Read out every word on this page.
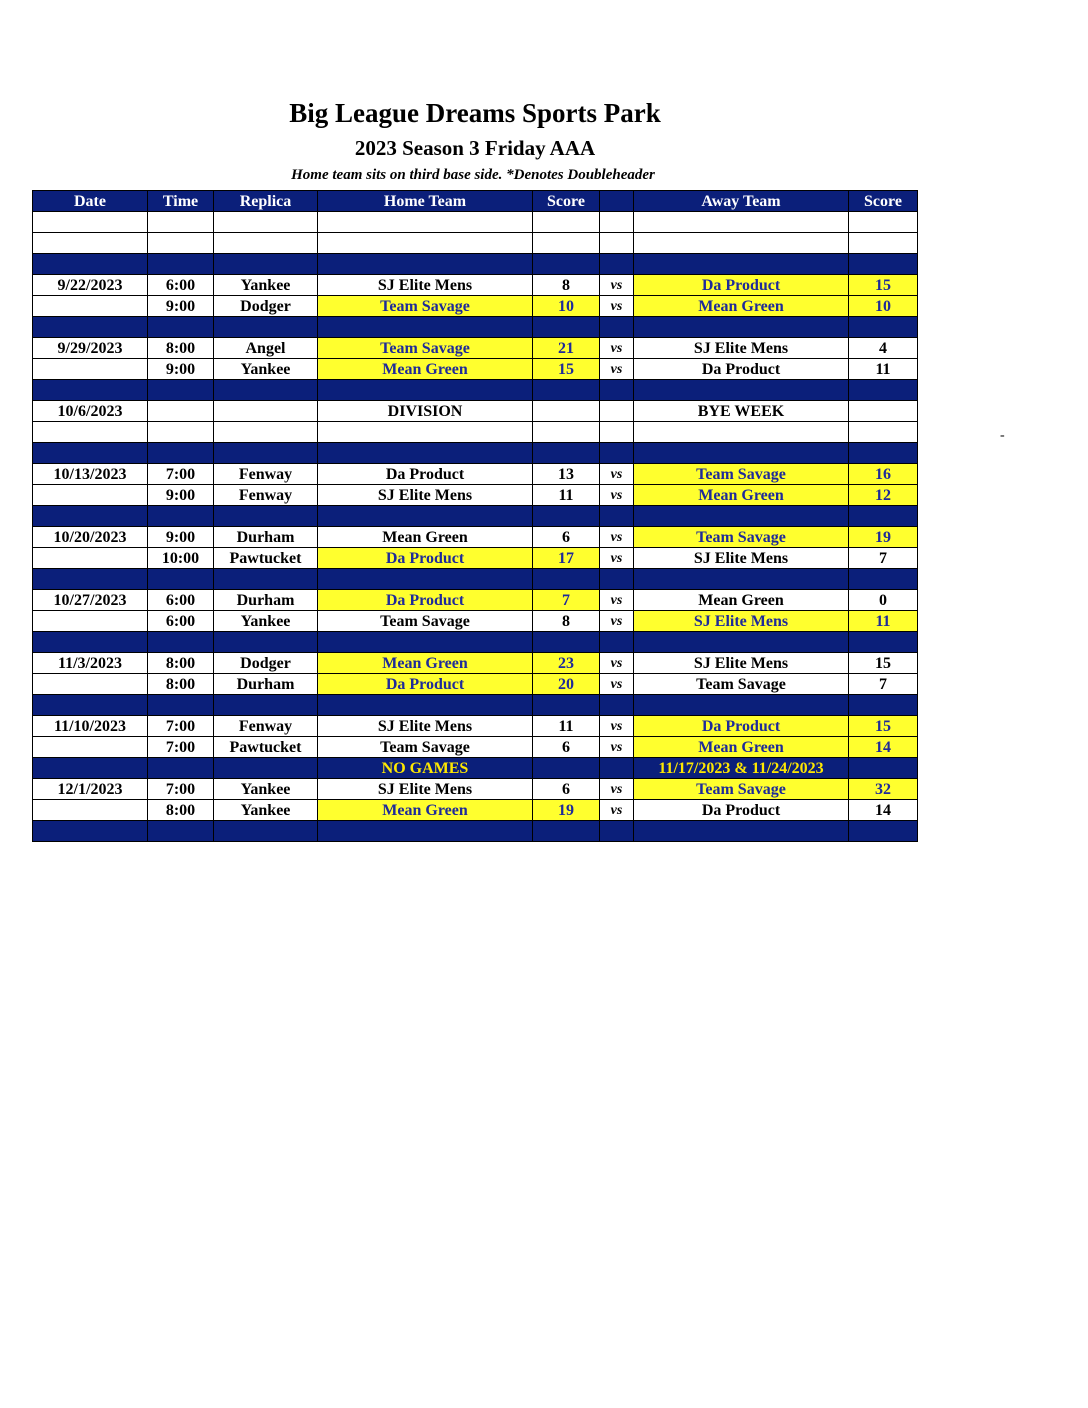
Big League Dreams Sports Park
2023 Season 3 Friday AAA
Home team sits on third base side. *Denotes Doubleheader
-
Date	Time	Replica	Home Team	Score		Away Team	Score

9/22/2023	6:00	Yankee	SJ Elite Mens	8	vs	Da Product	15
	9:00	Dodger	Team Savage	10	vs	Mean Green	10

9/29/2023	8:00	Angel	Team Savage	21	vs	SJ Elite Mens	4
	9:00	Yankee	Mean Green	15	vs	Da Product	11

10/6/2023			DIVISION			BYE WEEK	

10/13/2023	7:00	Fenway	Da Product	13	vs	Team Savage	16
	9:00	Fenway	SJ Elite Mens	11	vs	Mean Green	12

10/20/2023	9:00	Durham	Mean Green	6	vs	Team Savage	19
	10:00	Pawtucket	Da Product	17	vs	SJ Elite Mens	7

10/27/2023	6:00	Durham	Da Product	7	vs	Mean Green	0
	6:00	Yankee	Team Savage	8	vs	SJ Elite Mens	11

11/3/2023	8:00	Dodger	Mean Green	23	vs	SJ Elite Mens	15
	8:00	Durham	Da Product	20	vs	Team Savage	7

11/10/2023	7:00	Fenway	SJ Elite Mens	11	vs	Da Product	15
	7:00	Pawtucket	Team Savage	6	vs	Mean Green	14
			NO GAMES			11/17/2023 & 11/24/2023	
12/1/2023	7:00	Yankee	SJ Elite Mens	6	vs	Team Savage	32
	8:00	Yankee	Mean Green	19	vs	Da Product	14
